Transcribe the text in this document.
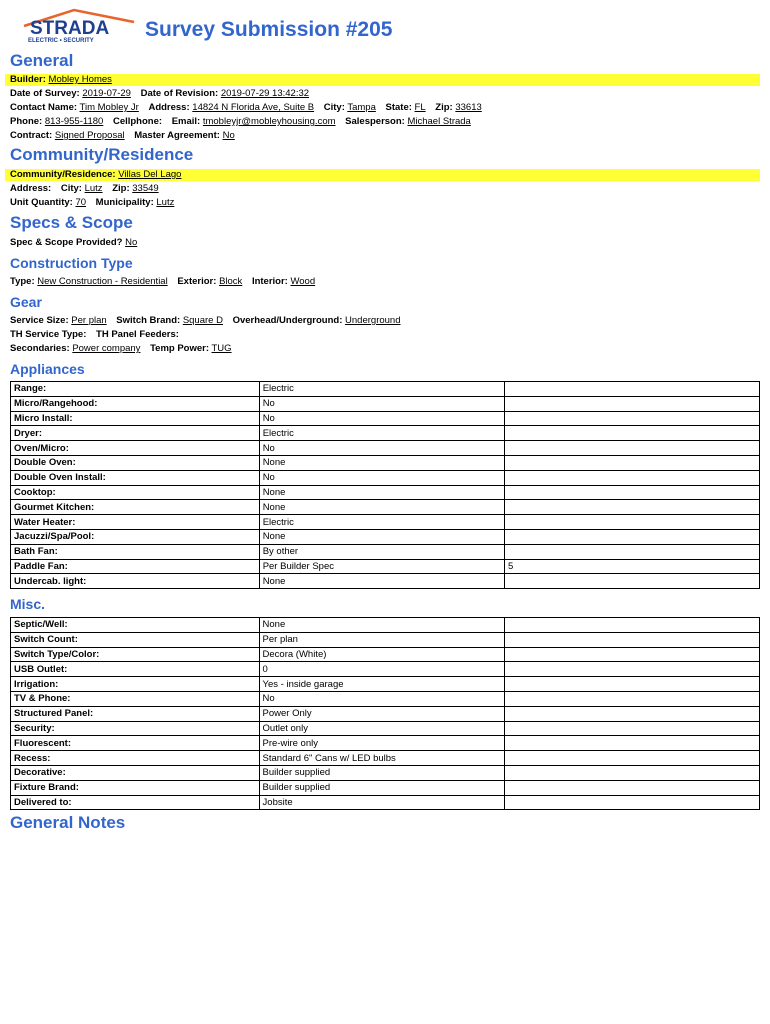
STRADA
ELECTRIC • SECURITY Survey Submission #205
General
Builder: Mobley Homes
Date of Survey: 2019-07-29 Date of Revision: 2019-07-29 13:42:32
Contact Name: Tim Mobley Jr Address: 14824 N Florida Ave, Suite B City: Tampa State: FL Zip: 33613
Phone: 813-955-1180 Cellphone: Email: tmobleyjr@mobleyhousing.com Salesperson: Michael Strada
Contract: Signed Proposal Master Agreement: No
Community/Residence
Community/Residence: Villas Del Lago
Address: City: Lutz Zip: 33549
Unit Quantity: 70 Municipality: Lutz
Specs & Scope
Spec & Scope Provided? No
Construction Type
Type: New Construction - Residential Exterior: Block Interior: Wood
Gear
Service Size: Per plan Switch Brand: Square D Overhead/Underground: Underground
TH Service Type: TH Panel Feeders:
Secondaries: Power company Temp Power: TUG
Appliances
Range:	Electric	
Micro/Rangehood:	No	
Micro Install:	No	
Dryer:	Electric	
Oven/Micro:	No	
Double Oven:	None	
Double Oven Install:	No	
Cooktop:	None	
Gourmet Kitchen:	None	
Water Heater:	Electric	
Jacuzzi/Spa/Pool:	None	
Bath Fan:	By other	
Paddle Fan:	Per Builder Spec	5
Undercab. light:	None	
Misc.
Septic/Well:	None	
Switch Count:	Per plan	
Switch Type/Color:	Decora (White)	
USB Outlet:	0	
Irrigation:	Yes - inside garage	
TV & Phone:	No	
Structured Panel:	Power Only	
Security:	Outlet only	
Fluorescent:	Pre-wire only	
Recess:	Standard 6" Cans w/ LED bulbs	
Decorative:	Builder supplied	
Fixture Brand:	Builder supplied	
Delivered to:	Jobsite	
General Notes
